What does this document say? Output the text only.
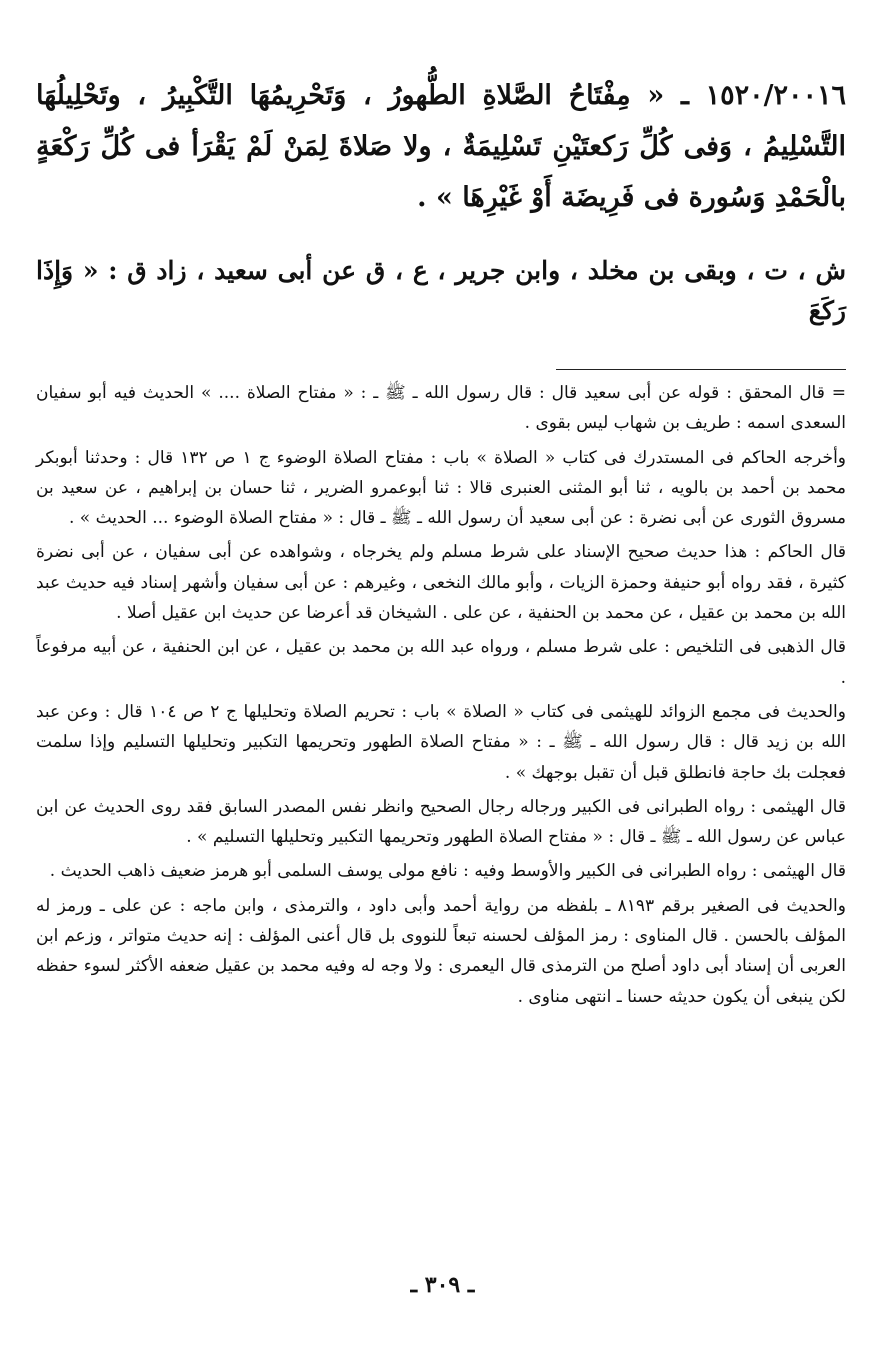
١٥٢٠/٢٠٠١٦ ـ « مِفْتَاحُ الصَّلاةِ الطُّهورُ ، وَتَحْرِيمُهَا التَّكْبِيرُ ، وتَحْلِيلُهَا التَّسْلِيمُ ، وَفى كُلِّ رَكعتَيْنِ تَسْلِيمَةٌ ، ولا صَلاةَ لِمَنْ لَمْ يَقْرَأ فى كُلِّ رَكْعَةٍ بالْحَمْدِ وَسُورة فى فَرِيضَة أَوْ غَيْرِهَا » .

ش ، ت ، وبقى بن مخلد ، وابن جرير ، ع ، ق عن أبى سعيد ، زاد ق : « وَإِذَا رَكَعَ

= قال المحقق : قوله عن أبى سعيد قال : قال رسول الله ـ ﷺ ـ : « مفتاح الصلاة .... » الحديث فيه أبو سفيان السعدى اسمه : طريف بن شهاب ليس بقوى .

وأخرجه الحاكم فى المستدرك فى كتاب « الصلاة » باب : مفتاح الصلاة الوضوء ج ١ ص ١٣٢ قال : وحدثنا أبوبكر محمد بن أحمد بن بالويه ، ثنا أبو المثنى العنبرى قالا : ثنا أبوعمرو الضرير ، ثنا حسان بن إبراهيم ، عن سعيد بن مسروق الثورى عن أبى نضرة : عن أبى سعيد أن رسول الله ـ ﷺ ـ قال : « مفتاح الصلاة الوضوء ... الحديث » .

قال الحاكم : هذا حديث صحيح الإسناد على شرط مسلم ولم يخرجاه ، وشواهده عن أبى سفيان ، عن أبى نضرة كثيرة ، فقد رواه أبو حنيفة وحمزة الزيات ، وأبو مالك النخعى ، وغيرهم : عن أبى سفيان وأشهر إسناد فيه حديث عبد الله بن محمد بن عقيل ، عن محمد بن الحنفية ، عن على . الشيخان قد أعرضا عن حديث ابن عقيل أصلا .

قال الذهبى فى التلخيص : على شرط مسلم ، ورواه عبد الله بن محمد بن عقيل ، عن ابن الحنفية ، عن أبيه مرفوعاً .

والحديث فى مجمع الزوائد للهيثمى فى كتاب « الصلاة » باب : تحريم الصلاة وتحليلها ج ٢ ص ١٠٤ قال : وعن عبد الله بن زيد قال : قال رسول الله ـ ﷺ ـ : « مفتاح الصلاة الطهور وتحريمها التكبير وتحليلها التسليم وإذا سلمت فعجلت بك حاجة فانطلق قبل أن تقبل بوجهك » .

قال الهيثمى : رواه الطبرانى فى الكبير ورجاله رجال الصحيح وانظر نفس المصدر السابق فقد روى الحديث عن ابن عباس عن رسول الله ـ ﷺ ـ قال : « مفتاح الصلاة الطهور وتحريمها التكبير وتحليلها التسليم » .

قال الهيثمى : رواه الطبرانى فى الكبير والأوسط وفيه : نافع مولى يوسف السلمى أبو هرمز ضعيف ذاهب الحديث .

والحديث فى الصغير برقم ٨١٩٣ ـ بلفظه من رواية أحمد وأبى داود ، والترمذى ، وابن ماجه : عن على ـ ورمز له المؤلف بالحسن . قال المناوى : رمز المؤلف لحسنه تبعاً للنووى بل قال أعنى المؤلف : إنه حديث متواتر ، وزعم ابن العربى أن إسناد أبى داود أصلح من الترمذى قال اليعمرى : ولا وجه له وفيه محمد بن عقيل ضعفه الأكثر لسوء حفظه لكن ينبغى أن يكون حديثه حسنا ـ انتهى مناوى .

ـ ٣٠٩ ـ
